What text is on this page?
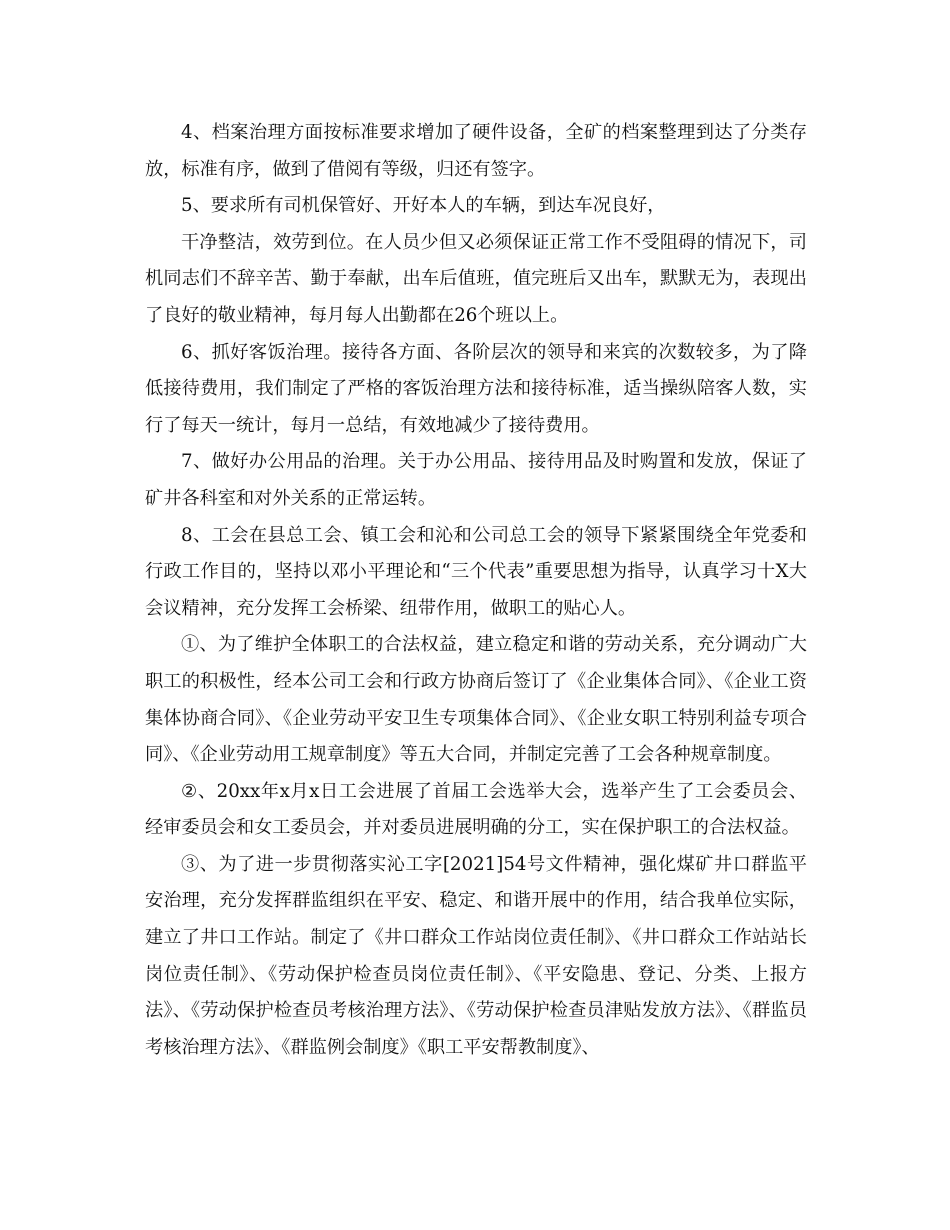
4、档案治理方面按标准要求增加了硬件设备，全矿的档案整理到达了分类存放，标准有序，做到了借阅有等级，归还有签字。

5、要求所有司机保管好、开好本人的车辆，到达车况良好，

干净整洁，效劳到位。在人员少但又必须保证正常工作不受阻碍的情况下，司机同志们不辞辛苦、勤于奉献，出车后值班，值完班后又出车，默默无为，表现出了良好的敬业精神，每月每人出勤都在26个班以上。

6、抓好客饭治理。接待各方面、各阶层次的领导和来宾的次数较多，为了降低接待费用，我们制定了严格的客饭治理方法和接待标准，适当操纵陪客人数，实行了每天一统计，每月一总结，有效地减少了接待费用。

7、做好办公用品的治理。关于办公用品、接待用品及时购置和发放，保证了矿井各科室和对外关系的正常运转。

8、工会在县总工会、镇工会和沁和公司总工会的领导下紧紧围绕全年党委和行政工作目的，坚持以邓小平理论和“三个代表”重要思想为指导，认真学习十X大会议精神，充分发挥工会桥梁、纽带作用，做职工的贴心人。

①、为了维护全体职工的合法权益，建立稳定和谐的劳动关系，充分调动广大职工的积极性，经本公司工会和行政方协商后签订了《企业集体合同》、《企业工资集体协商合同》、《企业劳动平安卫生专项集体合同》、《企业女职工特别利益专项合同》、《企业劳动用工规章制度》等五大合同，并制定完善了工会各种规章制度。

②、20xx年x月x日工会进展了首届工会选举大会，选举产生了工会委员会、经审委员会和女工委员会，并对委员进展明确的分工，实在保护职工的合法权益。

③、为了进一步贯彻落实沁工字[2021]54号文件精神，强化煤矿井口群监平安治理，充分发挥群监组织在平安、稳定、和谐开展中的作用，结合我单位实际，建立了井口工作站。制定了《井口群众工作站岗位责任制》、《井口群众工作站站长岗位责任制》、《劳动保护检查员岗位责任制》、《平安隐患、登记、分类、上报方法》、《劳动保护检查员考核治理方法》、《劳动保护检查员津贴发放方法》、《群监员考核治理方法》、《群监例会制度》《职工平安帮教制度》、
